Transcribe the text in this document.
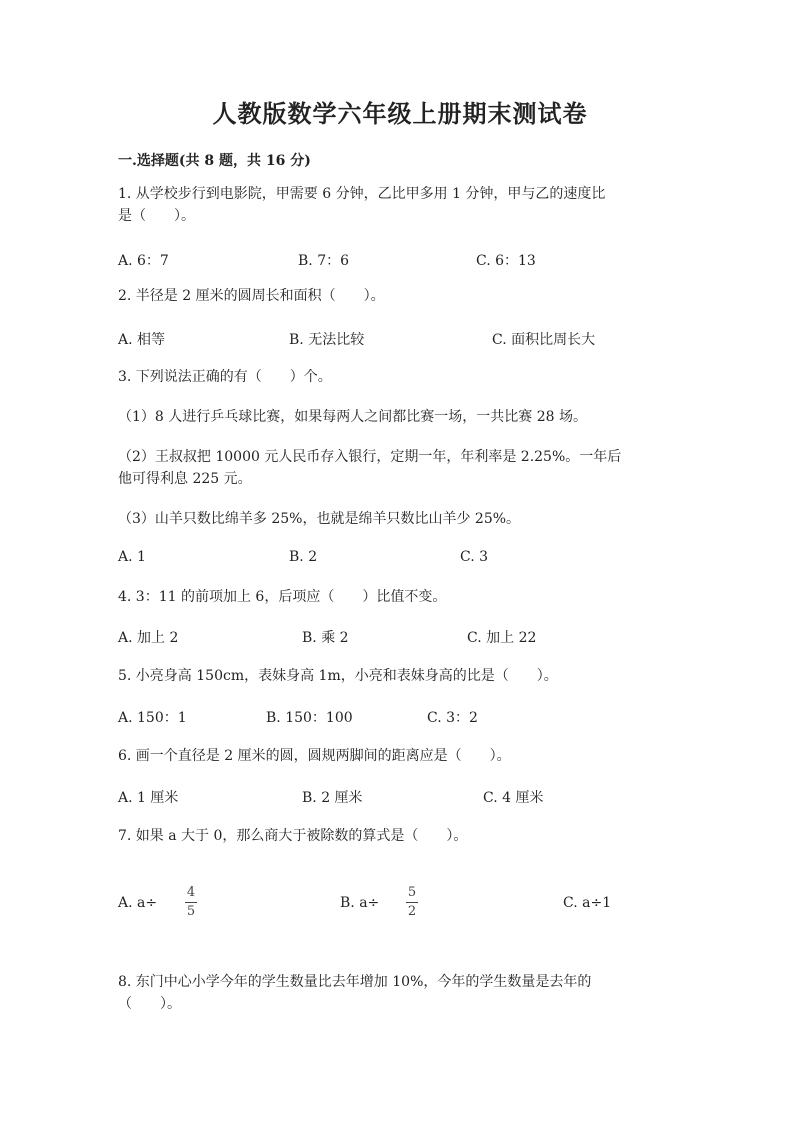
人教版数学六年级上册期末测试卷
一.选择题(共 8 题，共 16 分)
1. 从学校步行到电影院，甲需要 6 分钟，乙比甲多用 1 分钟，甲与乙的速度比
是（　　）。
A. 6：7	B. 7：6	C. 6：13
2. 半径是 2 厘米的圆周长和面积（　　）。
A. 相等	B. 无法比较	C. 面积比周长大
3. 下列说法正确的有（　　）个。
（1）8 人进行乒乓球比赛，如果每两人之间都比赛一场，一共比赛 28 场。
（2）王叔叔把 10000 元人民币存入银行，定期一年，年利率是 2.25%。一年后
他可得利息 225 元。
（3）山羊只数比绵羊多 25%，也就是绵羊只数比山羊少 25%。
A. 1	B. 2	C. 3
4. 3：11 的前项加上 6，后项应（　　）比值不变。
A. 加上 2	B. 乘 2	C. 加上 22
5. 小亮身高 150cm，表妹身高 1m，小亮和表妹身高的比是（　　）。
A. 150：1	B. 150：100	C. 3：2
6. 画一个直径是 2 厘米的圆，圆规两脚间的距离应是（　　）。
A. 1 厘米	B. 2 厘米	C. 4 厘米
7. 如果 a 大于 0，那么商大于被除数的算式是（　　）。
A. a÷
4
5
B. a÷
5
2
C. a÷1
8. 东门中心小学今年的学生数量比去年增加 10%，今年的学生数量是去年的
（　　）。
